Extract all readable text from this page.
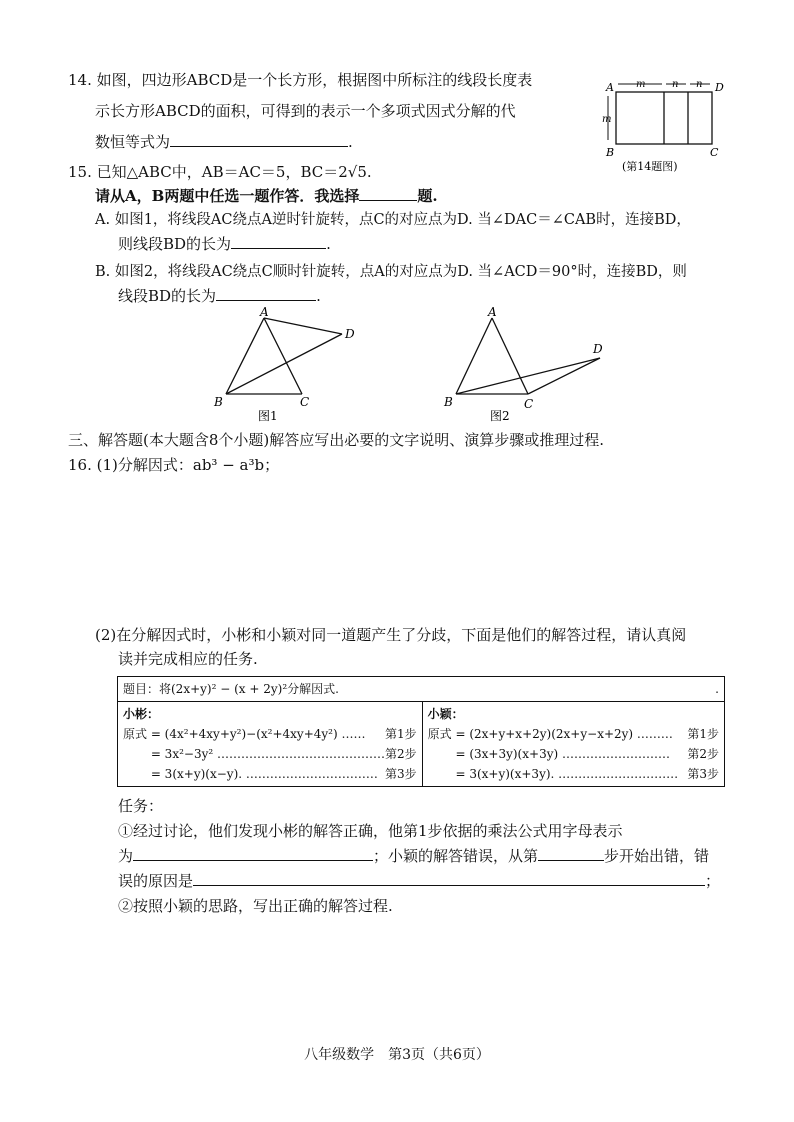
14. 如图，四边形ABCD是一个长方形，根据图中所标注的线段长度表
示长方形ABCD的面积，可得到的表示一个多项式因式分解的代
数恒等式为	.
A	D
B	C
m	n n
m
(第14题图)
15. 已知△ABC中，AB＝AC＝5，BC＝2√5.
请从A，B两题中任选一题作答．我选择	题.
A. 如图1，将线段AC绕点A逆时针旋转，点C的对应点为D. 当∠DAC＝∠CAB时，连接BD，
则线段BD的长为	.
B. 如图2，将线段AC绕点C顺时针旋转，点A的对应点为D. 当∠ACD＝90°时，连接BD，则
线段BD的长为	.
A
B	C
D
图1
A
B	C
D
图2
三、解答题(本大题含8个小题)解答应写出必要的文字说明、演算步骤或推理过程.
16. (1)分解因式：ab³ − a³b；
(2)在分解因式时，小彬和小颖对同一道题产生了分歧，下面是他们的解答过程，请认真阅
读并完成相应的任务.
题目：将(2x+y)² − (x + 2y)²分解因式.	.

小彬：
原式 = (4x²+4xy+y²)−(x²+4xy+4y²) …… 第1步
　　 = 3x²−3y² …………………………………… 第2步
　　 = 3(x+y)(x−y). …………………………… 第3步

小颖：
原式 = (2x+y+x+2y)(2x+y−x+2y) ……… 第1步
　　 = (3x+3y)(x+3y) ……………………… 第2步
　　 = 3(x+y)(x+3y). ………………………… 第3步
任务：
①经过讨论，他们发现小彬的解答正确，他第1步依据的乘法公式用字母表示
为	；小颖的解答错误，从第	步开始出错，错
误的原因是	；
②按照小颖的思路，写出正确的解答过程.
八年级数学　第3页（共6页）
